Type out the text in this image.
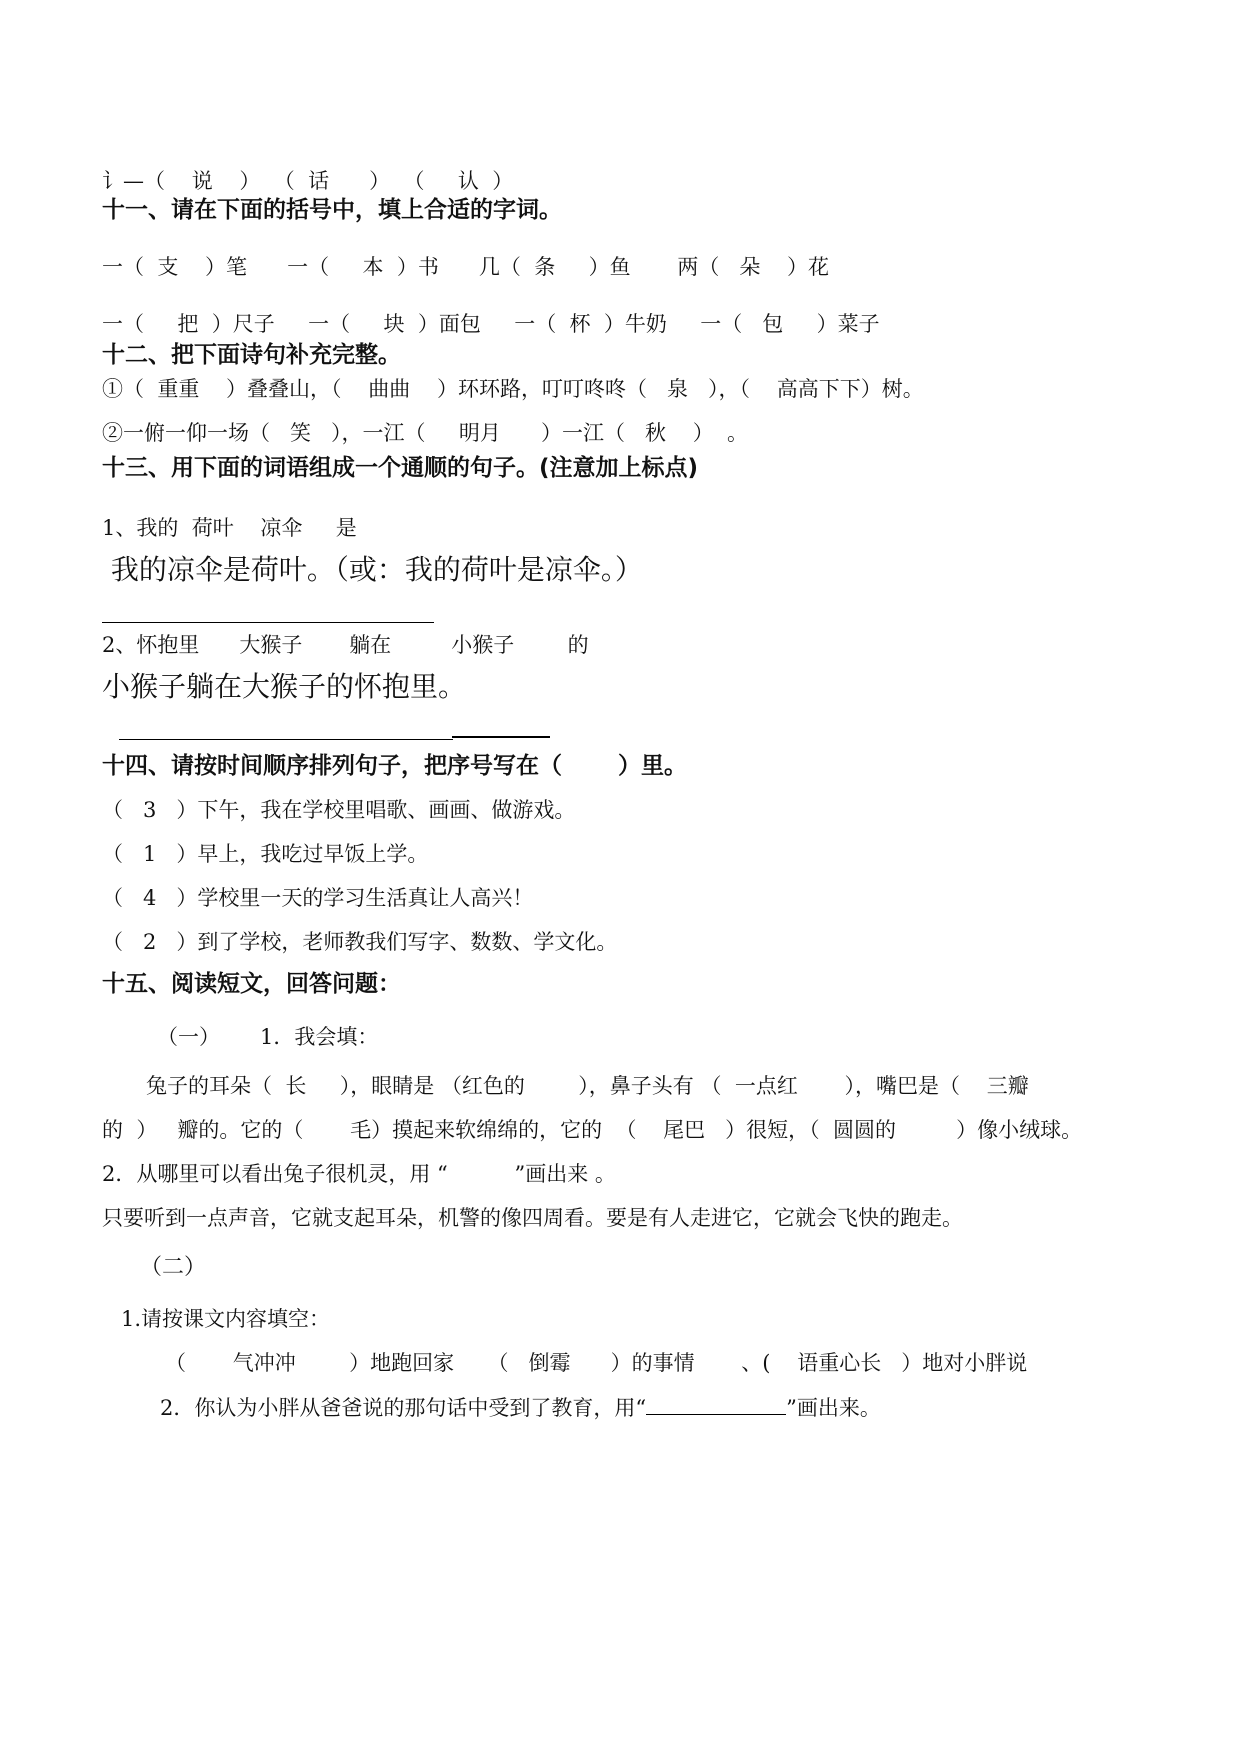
讠—（    说    ）  （  话      ）  （     认  ）
十一、请在下面的括号中，填上合适的字词。
一（  支    ）笔      一（     本  ）书      几（  条     ）鱼       两（   朵    ）花
一（     把  ）尺子     一（     块  ）面包     一（  杯  ）牛奶     一（   包     ）菜子
十二、把下面诗句补充完整。
①（  重重    ）叠叠山，（    曲曲    ）环环路，叮叮咚咚（   泉   ），（    高高下下）树。
②一俯一仰一场（   笑   ），一江（     明月      ）一江（   秋    ）  。
十三、用下面的词语组成一个通顺的句子。(注意加上标点)
1、我的  荷叶    凉伞     是
我的凉伞是荷叶。（或：我的荷叶是凉伞。）
2、怀抱里      大猴子       躺在         小猴子        的
小猴子躺在大猴子的怀抱里。
十四、请按时间顺序排列句子，把序号写在（       ）里。
（   3   ）下午，我在学校里唱歌、画画、做游戏。
（   1   ）早上，我吃过早饭上学。
（   4   ）学校里一天的学习生活真让人高兴！
（   2   ）到了学校，老师教我们写字、数数、学文化。
十五、阅读短文，回答问题：
（一）      1．我会填：
兔子的耳朵（  长     ），眼睛是 （红色的        ），鼻子头有 （  一点红       ），嘴巴是（    三瓣
的  ）   瓣的。它的（       毛）摸起来软绵绵的，它的  （    尾巴   ）很短，（  圆圆的         ）像小绒球。
2．从哪里可以看出兔子很机灵，用 “          ”画出来 。
只要听到一点声音，它就支起耳朵，机警的像四周看。要是有人走进它，它就会飞快的跑走。
（二）
1.请按课文内容填空：
（       气冲冲        ）地跑回家     （   倒霉      ）的事情       、(    语重心长   ）地对小胖说
2．你认为小胖从爸爸说的那句话中受到了教育，用“	”画出来。
